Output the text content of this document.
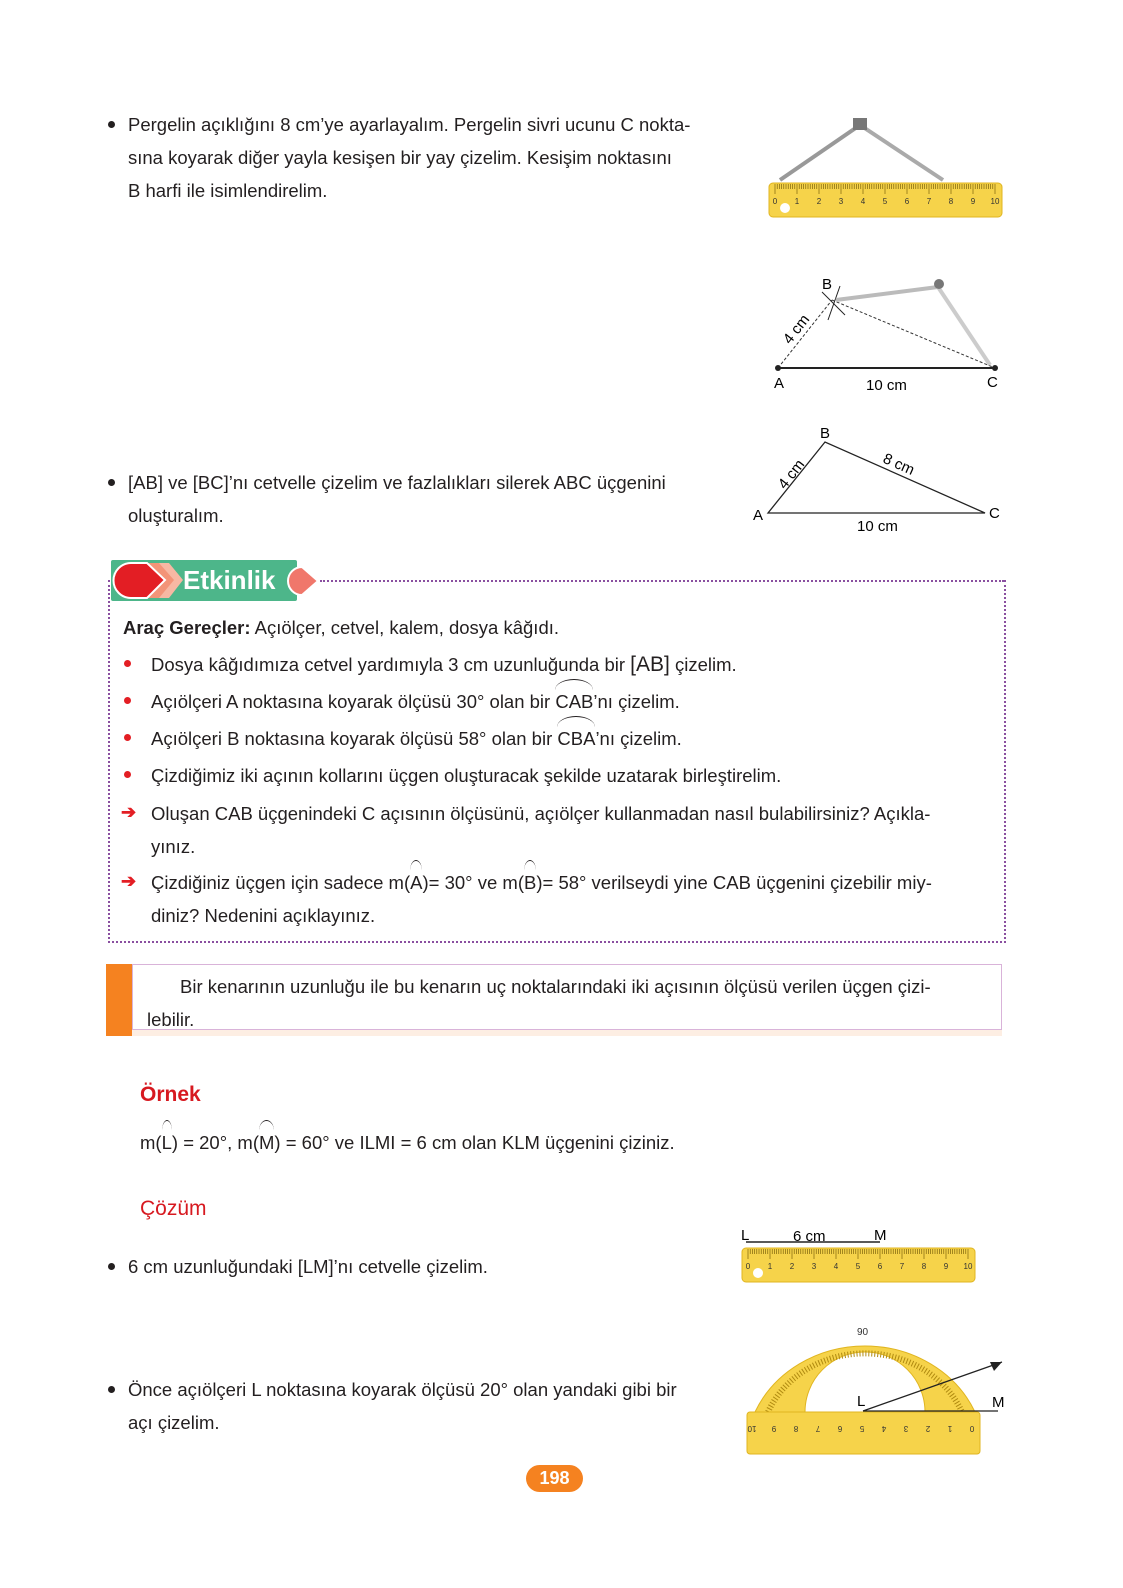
Pergelin açıklığını 8 cm’ye ayarlayalım. Pergelin sivri ucunu C nokta-
sına koyarak diğer yayla kesişen bir yay çizelim. Kesişim noktasını
B harfi ile isimlendirelim.
0 1 2 3 4 5 6 7 8 9 10
A
B
C
10 cm
4 cm
A
B
C
10 cm
4 cm	8 cm
[AB] ve [BC]’nı cetvelle çizelim ve fazlalıkları silerek ABC üçgenini
oluşturalım.
Etkinlik
Araç Gereçler: Açıölçer, cetvel, kalem, dosya kâğıdı.
Dosya kâğıdımıza cetvel yardımıyla 3 cm uzunluğunda bir [AB] çizelim.
Açıölçeri A noktasına koyarak ölçüsü 30° olan bir CAB’nı çizelim.
Açıölçeri B noktasına koyarak ölçüsü 58° olan bir CBA’nı çizelim.
Çizdiğimiz iki açının kollarını üçgen oluşturacak şekilde uzatarak birleştirelim.
➔ Oluşan CAB üçgenindeki C açısının ölçüsünü, açıölçer kullanmadan nasıl bulabilirsiniz? Açıkla-
yınız.
➔ Çizdiğiniz üçgen için sadece m(A)= 30° ve m(B)= 58° verilseydi yine CAB üçgenini çizebilir miy-
diniz? Nedenini açıklayınız.
Bir kenarının uzunluğu ile bu kenarın uç noktalarındaki iki açısının ölçüsü verilen üçgen çizi-
lebilir.
Örnek
m(L) = 20°, m(M) = 60° ve ILMI = 6 cm olan KLM üçgenini çiziniz.
Çözüm
6 cm uzunluğundaki [LM]’nı cetvelle çizelim.
L	M
6 cm
0 1 2 3 4 5 6 7 8 9 10
Önce açıölçeri L noktasına koyarak ölçüsü 20° olan yandaki gibi bir
açı çizelim.
90
L	M
0
1
2
3
4
5
6
7
8
9
10
198
